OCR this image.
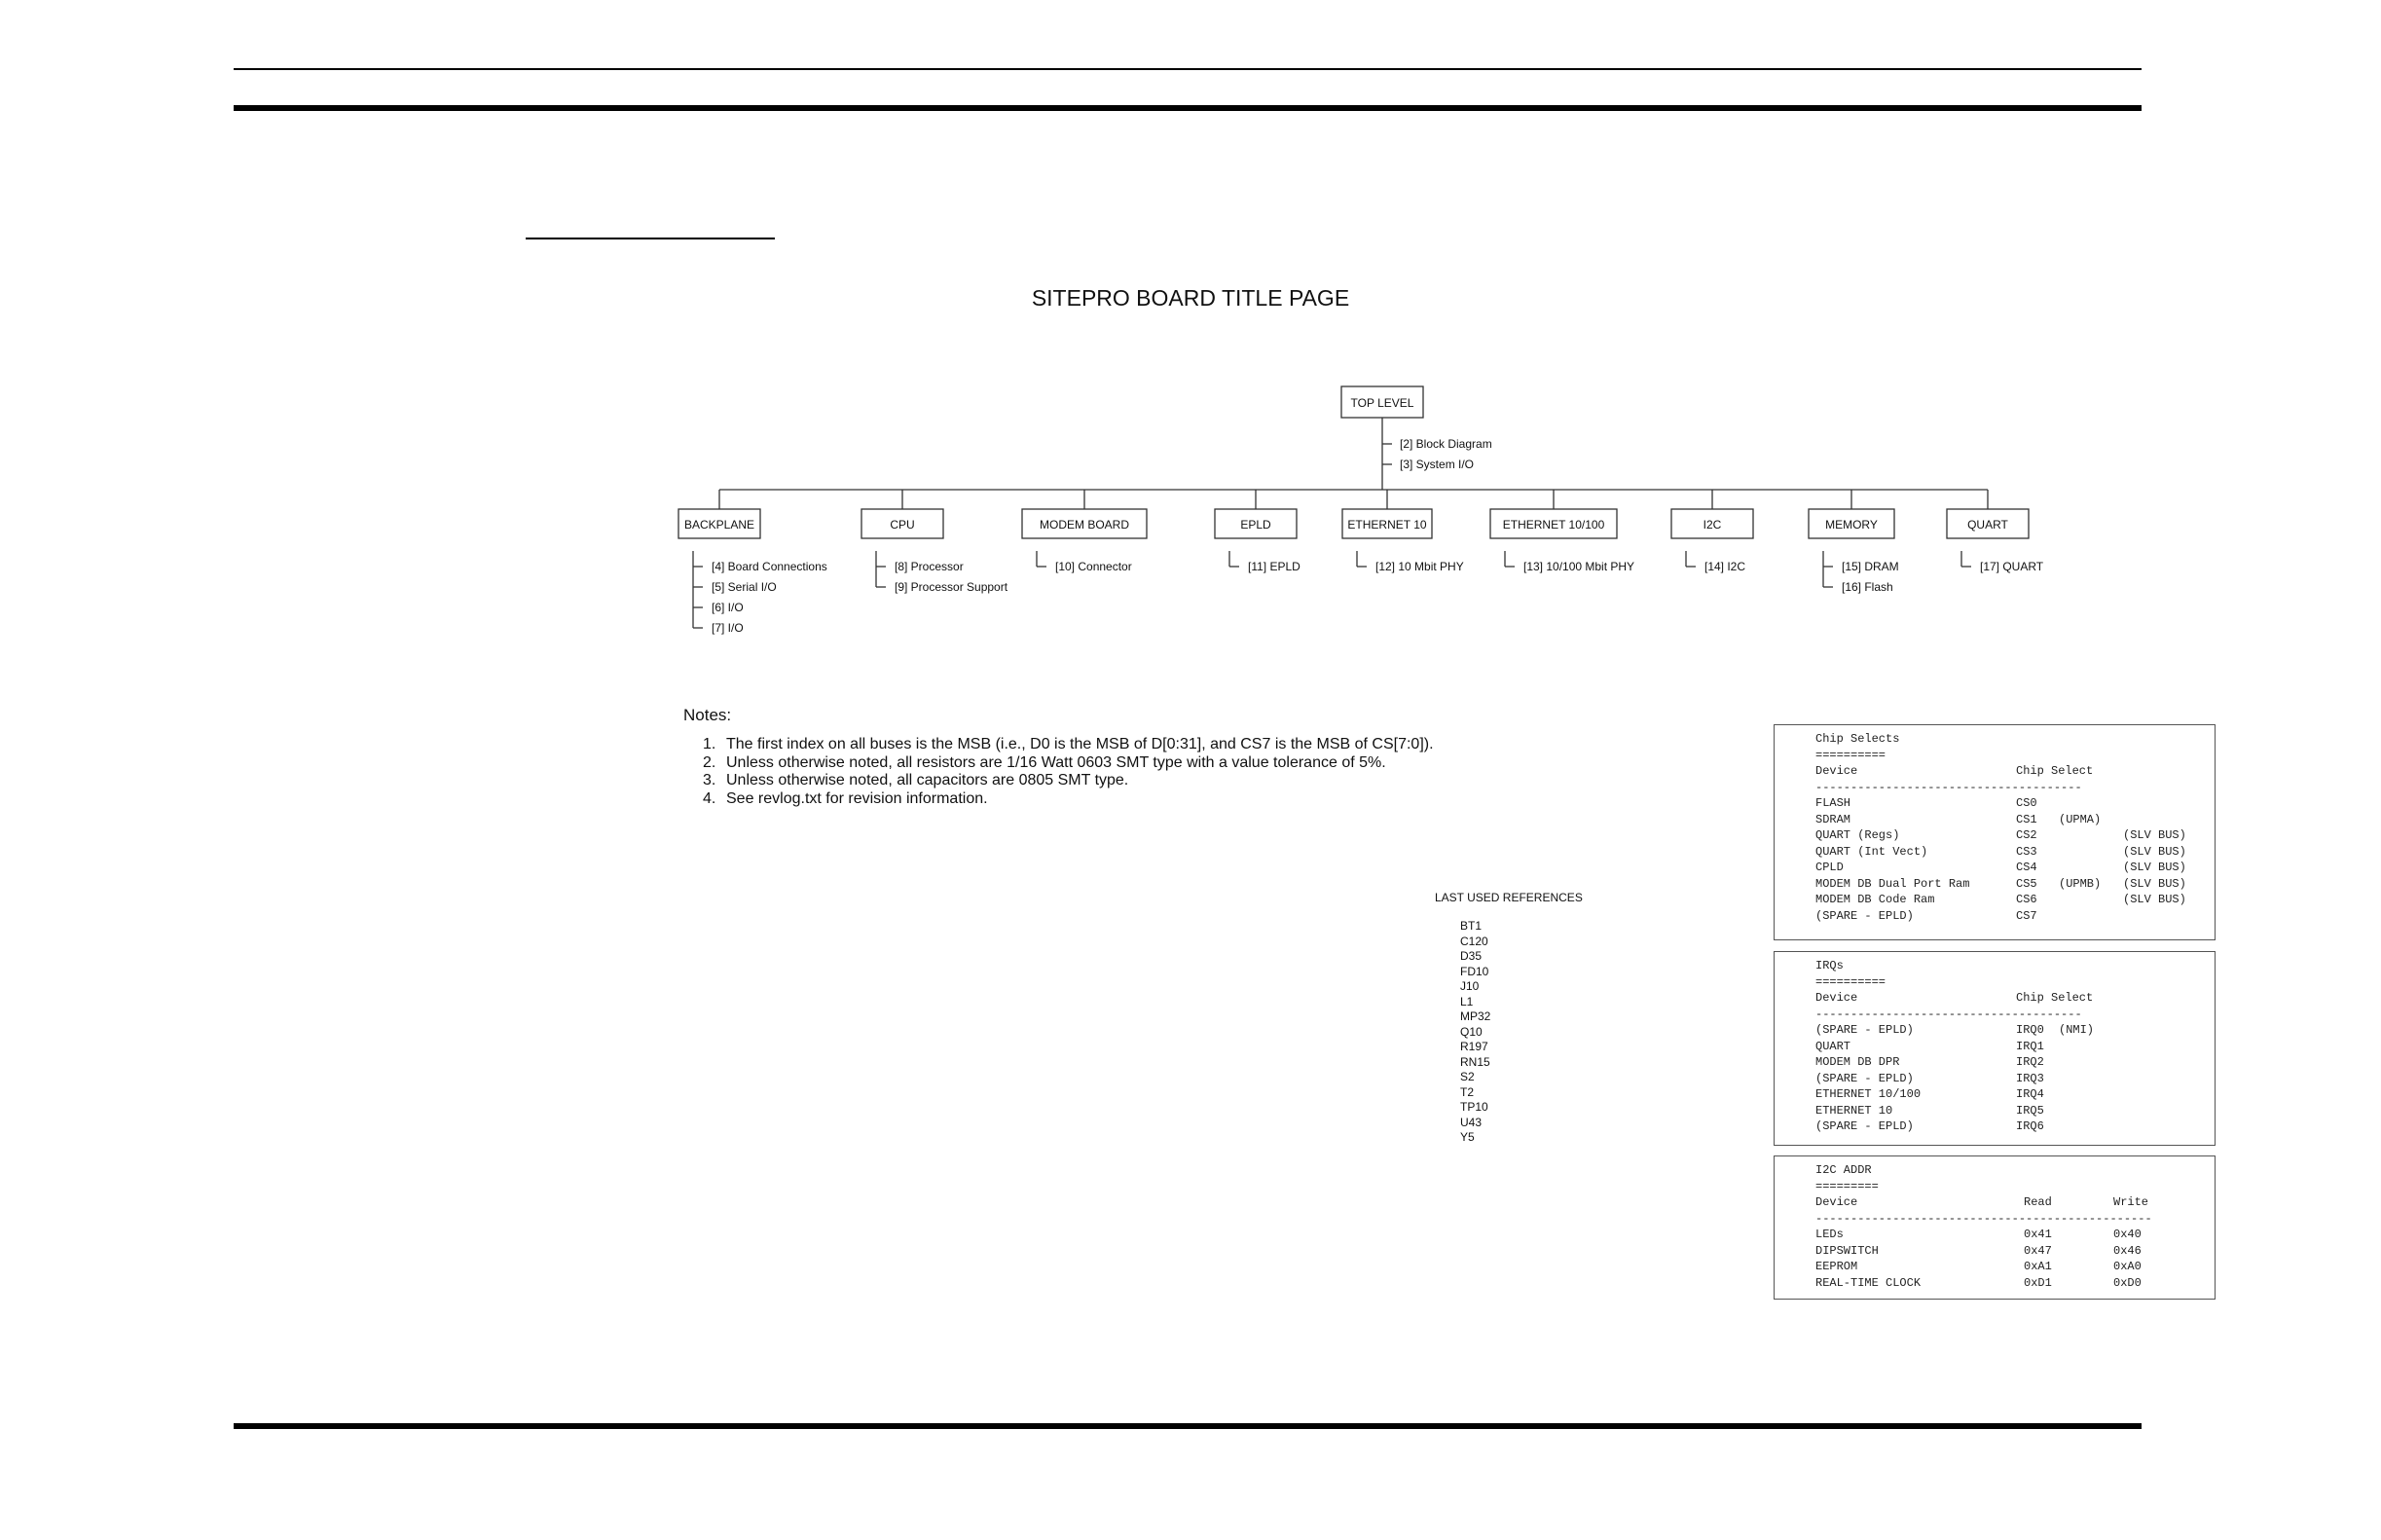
SITEPRO BOARD TITLE PAGE
TOP LEVEL
[2] Block Diagram
[3] System I/O
BACKPLANE
[4] Board Connections
[5] Serial I/O
[6] I/O
[7] I/O
CPU
[8] Processor
[9] Processor Support
MODEM BOARD
[10] Connector
EPLD
[11] EPLD
ETHERNET 10
[12] 10 Mbit PHY
ETHERNET 10/100
[13] 10/100 Mbit PHY
I2C
[14] I2C
MEMORY
[15] DRAM
[16] Flash
QUART
[17] QUART
Notes:
1. The first index on all buses is the MSB (i.e., D0 is the MSB of D[0:31], and CS7 is the MSB of CS[7:0]).
2. Unless otherwise noted, all resistors are 1/16 Watt 0603 SMT type with a value tolerance of 5%.
3. Unless otherwise noted, all capacitors are 0805 SMT type.
4. See revlog.txt for revision information.
LAST USED REFERENCES
BT1
C120
D35
FD10
J10
L1
MP32
Q10
R197
RN15
S2
T2
TP10
U43
Y5
Chip Selects
==========

Device

	Chip Select

--------------------------------------
FLASH	CS0
SDRAM	CS1 (UPMA)
QUART (Regs)	CS2	(SLV BUS)
QUART (Int Vect)	CS3	(SLV BUS)
CPLD	CS4	(SLV BUS)
MODEM DB Dual Port Ram	CS5 (UPMB) (SLV BUS)
MODEM DB Code Ram	CS6	(SLV BUS)
(SPARE - EPLD)	CS7
IRQs
==========

Device

	Chip Select

--------------------------------------
(SPARE - EPLD)	IRQ0 (NMI)
QUART	IRQ1
MODEM DB DPR	IRQ2
(SPARE - EPLD)	IRQ3
ETHERNET 10/100	IRQ4
ETHERNET 10	IRQ5
(SPARE - EPLD)	IRQ6
I2C ADDR
=========

Device

	Read

	Write

------------------------------------------------
LEDs	0x41	0x40
DIPSWITCH	0x47	0x46
EEPROM	0xA1	0xA0
REAL-TIME CLOCK	0xD1	0xD0
